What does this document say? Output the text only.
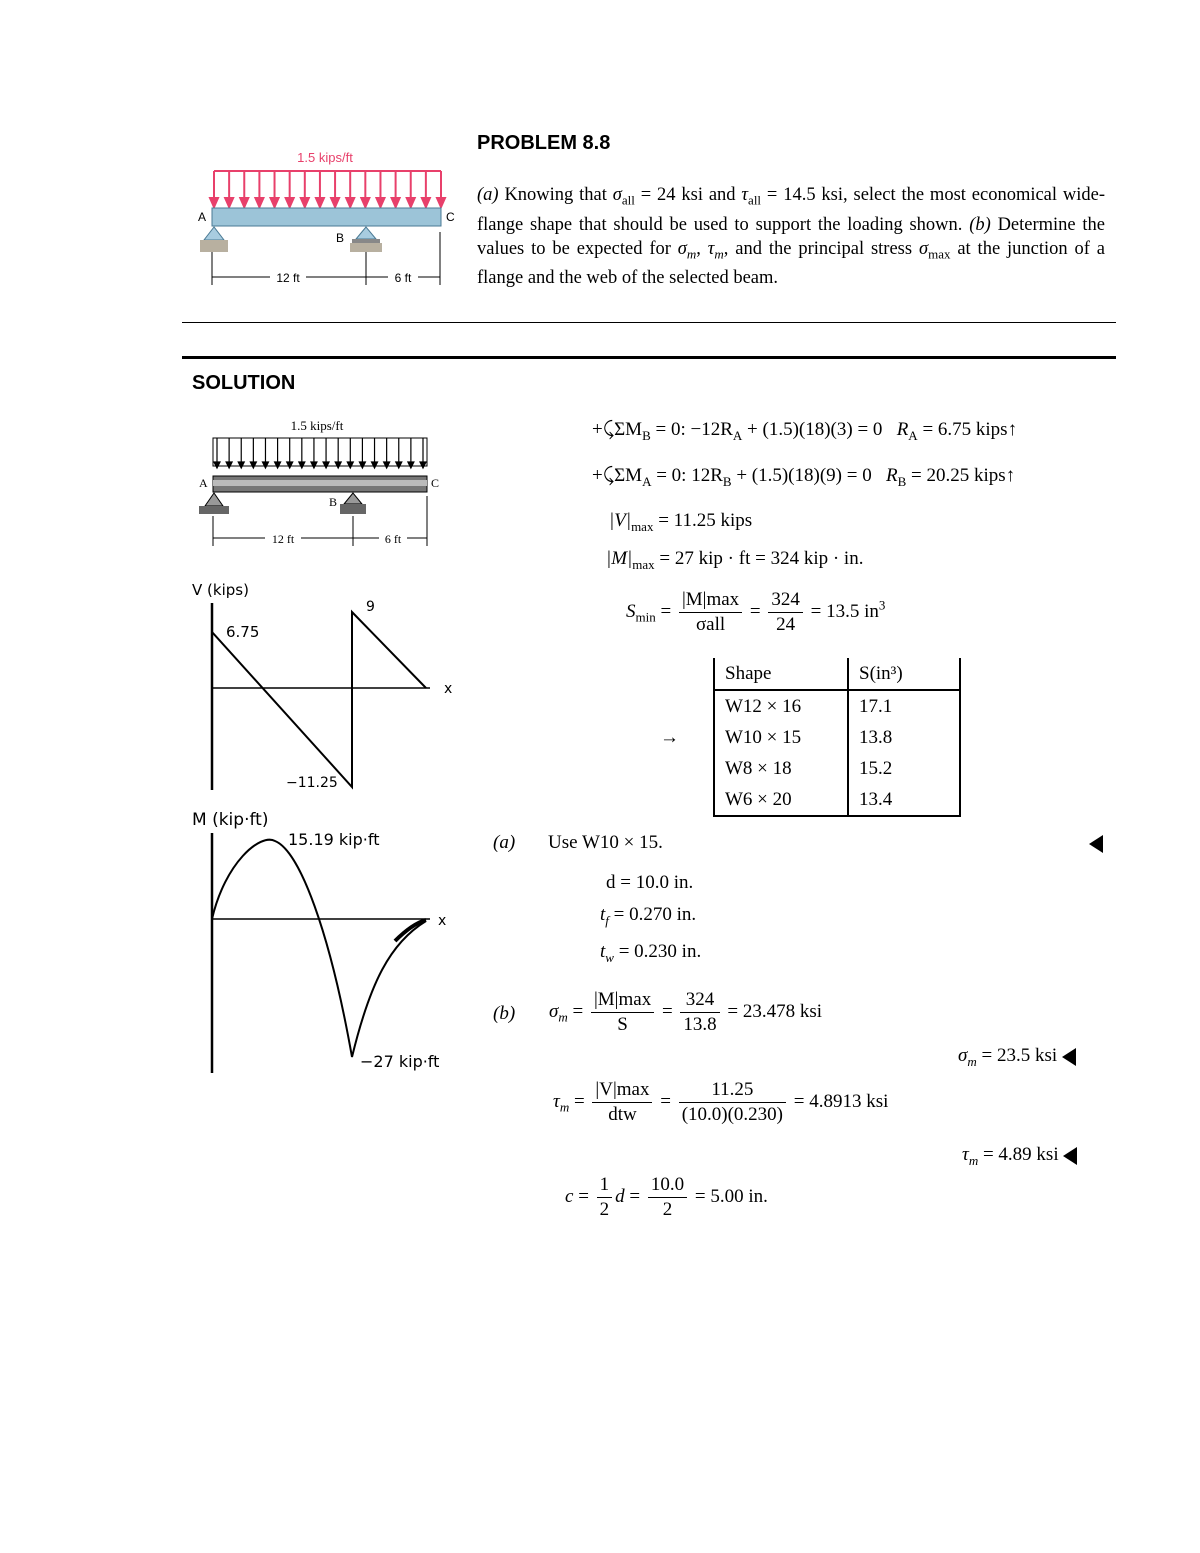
1.5 kips/ft
A	C
B
12 ft	6 ft
PROBLEM 8.8
(a) Knowing that $\sigma_{all} = 24$ ksi and $\tau_{all} = 14.5$ ksi, select the most economical wide-flange shape that should be used to support the loading shown. (b) Determine the values to be expected for $\sigma_m$, $\tau_m$, and the principal stress $\sigma_{max}$ at the junction of a flange and the web of the selected beam.
SOLUTION
1.5 kips/ft
A	C
B
12 ft	6 ft
V (kips)
x
6.75
9
−11.25
M (kip·ft)
x
15.19 kip·ft
−27 kip·ft
$+⤹\Sigma M_B = 0$: $-12R_A + (1.5)(18)(3) = 0$ $R_A = 6.75$ kips↑
$+⤹\Sigma M_A = 0$: $12R_B + (1.5)(18)(9) = 0$ $R_B = 20.25$ kips↑
$|V|_{max} = 11.25$ kips
$|M|_{max} = 27$ kip · ft = 324 kip · in.
$S_{min} = \frac{|M|\max}{\text{σall}} = \frac{324}{24} = 13.5$ $in^3$
→
Shape	S(in³)
W12 × 16	17.1
W10 × 15	13.8
W8 × 18	15.2
W6 × 20	13.4
(a) Use W10 × 15.
d = 10.0 in.
$t_f = 0.270$ in.
$t_w = 0.230$ in.
(b) $\sigma_m = \frac{|M|\max}{S} = \frac{324}{13.8} = 23.478$ ksi
$\sigma_m = 23.5$ ksi
$\tau_m = \frac{|V|\max}{\text{dtw}} = \frac{11.25}{(10.0)(0.230)} = 4.8913$ ksi
$\tau_m = 4.89$ ksi
$c = \frac{1}{2}$ $d = \frac{10.0}{2} = 5.00$ in.
